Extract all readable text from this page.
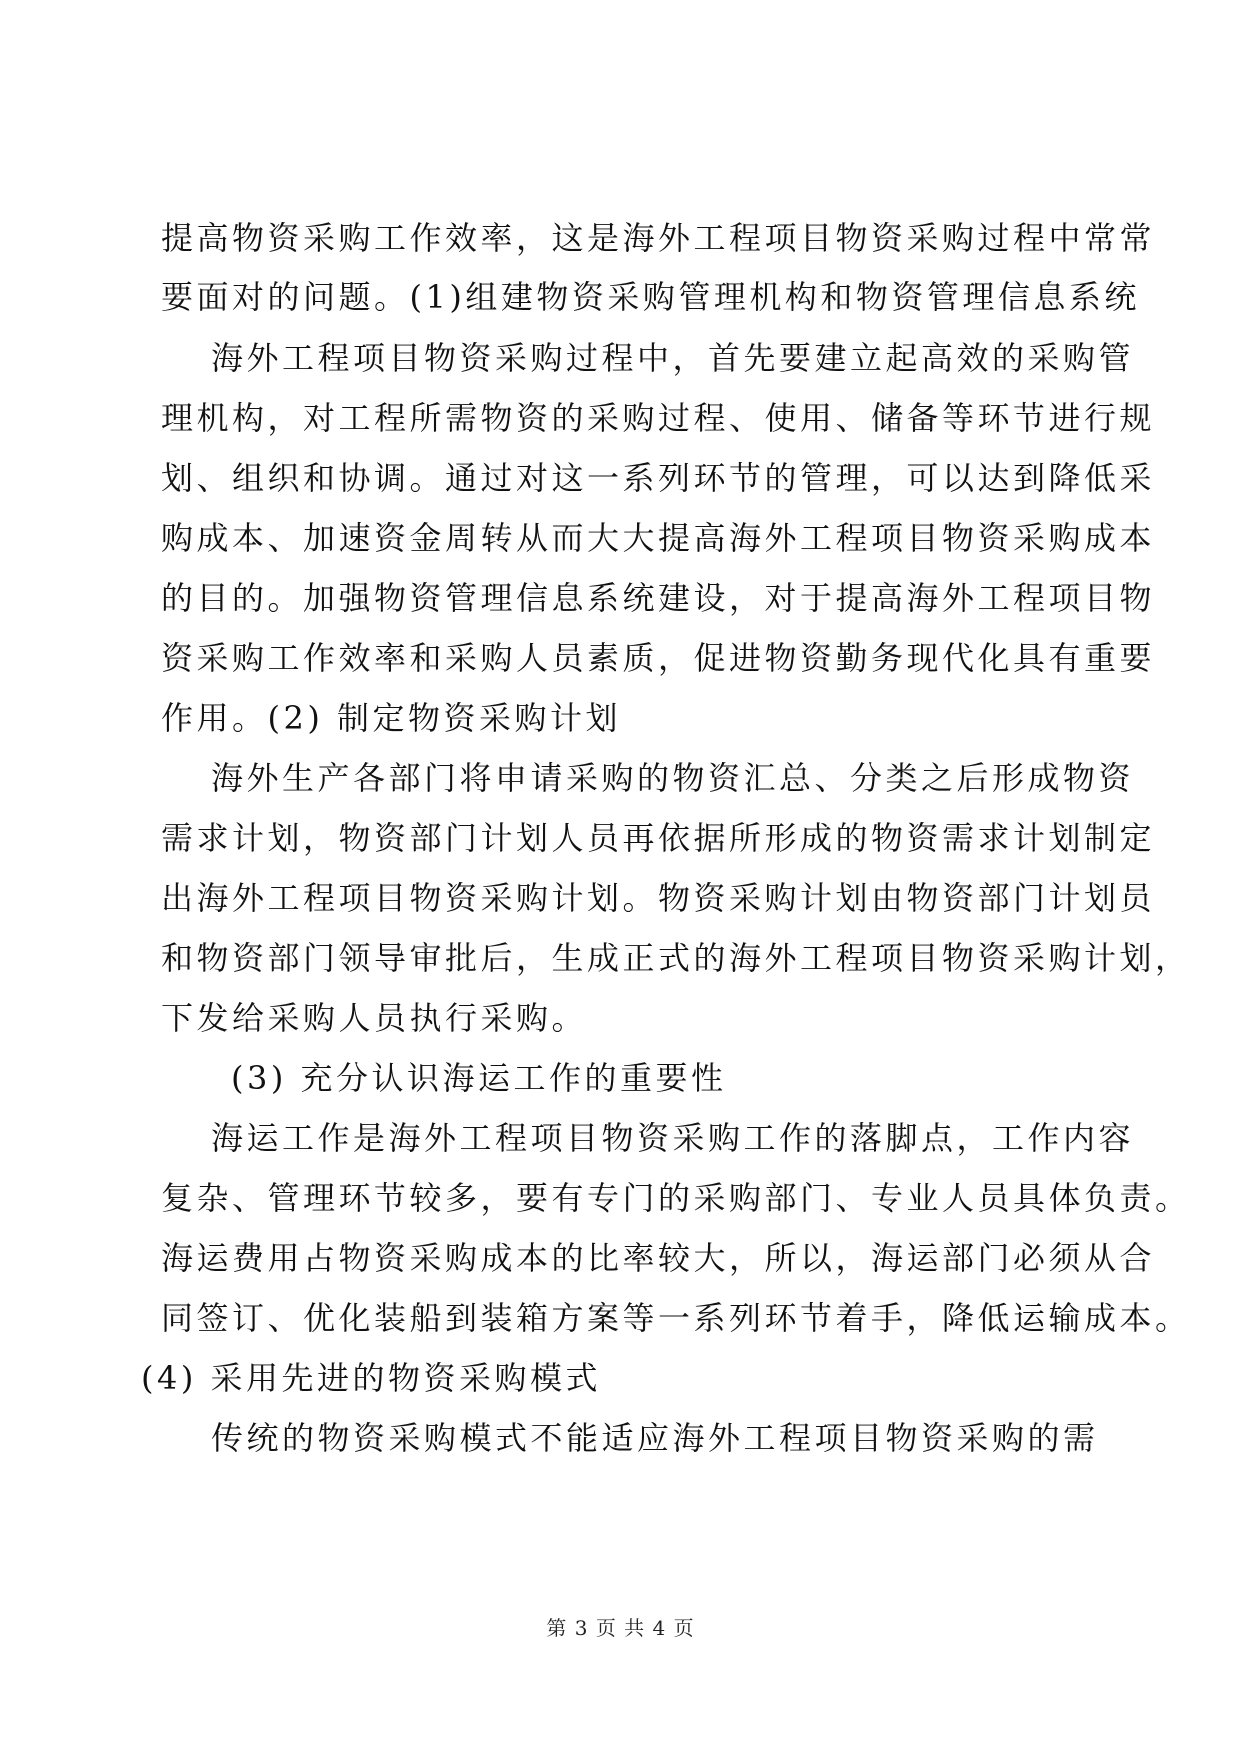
提高物资采购工作效率，这是海外工程项目物资采购过程中常常
要面对的问题。(1)组建物资采购管理机构和物资管理信息系统
海外工程项目物资采购过程中，首先要建立起高效的采购管
理机构，对工程所需物资的采购过程、使用、储备等环节进行规
划、组织和协调。通过对这一系列环节的管理，可以达到降低采
购成本、加速资金周转从而大大提高海外工程项目物资采购成本
的目的。加强物资管理信息系统建设，对于提高海外工程项目物
资采购工作效率和采购人员素质，促进物资勤务现代化具有重要
作用。(2) 制定物资采购计划
海外生产各部门将申请采购的物资汇总、分类之后形成物资
需求计划，物资部门计划人员再依据所形成的物资需求计划制定
出海外工程项目物资采购计划。物资采购计划由物资部门计划员
和物资部门领导审批后，生成正式的海外工程项目物资采购计划，
下发给采购人员执行采购。
(3) 充分认识海运工作的重要性
海运工作是海外工程项目物资采购工作的落脚点，工作内容
复杂、管理环节较多，要有专门的采购部门、专业人员具体负责。
海运费用占物资采购成本的比率较大，所以，海运部门必须从合
同签订、优化装船到装箱方案等一系列环节着手，降低运输成本。
(4) 采用先进的物资采购模式
传统的物资采购模式不能适应海外工程项目物资采购的需
第 3 页 共 4 页
